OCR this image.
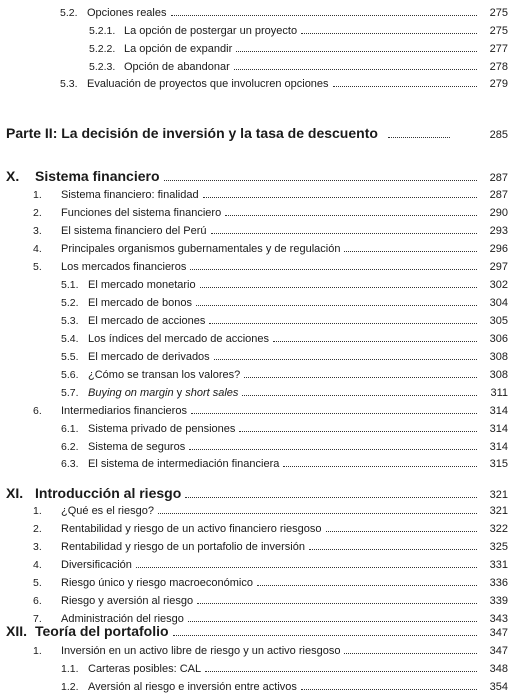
5.2. Opciones reales	275
5.2.1. La opción de postergar un proyecto	275
5.2.2. La opción de expandir	277
5.2.3. Opción de abandonar	278
5.3. Evaluación de proyectos que involucren opciones	279
Parte II: La decisión de inversión y la tasa de descuento	285
X.	Sistema financiero	287
1.	Sistema financiero: finalidad	287
2.	Funciones del sistema financiero	290
3.	El sistema financiero del Perú	293
4.	Principales organismos gubernamentales y de regulación	296
5.	Los mercados financieros	297
5.1. El mercado monetario	302
5.2. El mercado de bonos	304
5.3. El mercado de acciones	305
5.4. Los índices del mercado de acciones	306
5.5. El mercado de derivados	308
5.6. ¿Cómo se transan los valores?	308
5.7. Buying on margin y short sales	311
6.	Intermediarios financieros	314
6.1. Sistema privado de pensiones	314
6.2. Sistema de seguros	314
6.3. El sistema de intermediación financiera	315
XI. Introducción al riesgo	321
1.	¿Qué es el riesgo?	321
2.	Rentabilidad y riesgo de un activo financiero riesgoso	322
3.	Rentabilidad y riesgo de un portafolio de inversión	325
4.	Diversificación	331
5.	Riesgo único y riesgo macroeconómico	336
6.	Riesgo y aversión al riesgo	339
7.	Administración del riesgo	343
XII. Teoría del portafolio	347
1.	Inversión en un activo libre de riesgo y un activo riesgoso	347
1.1. Carteras posibles: CAL	348
1.2. Aversión al riesgo e inversión entre activos	354
